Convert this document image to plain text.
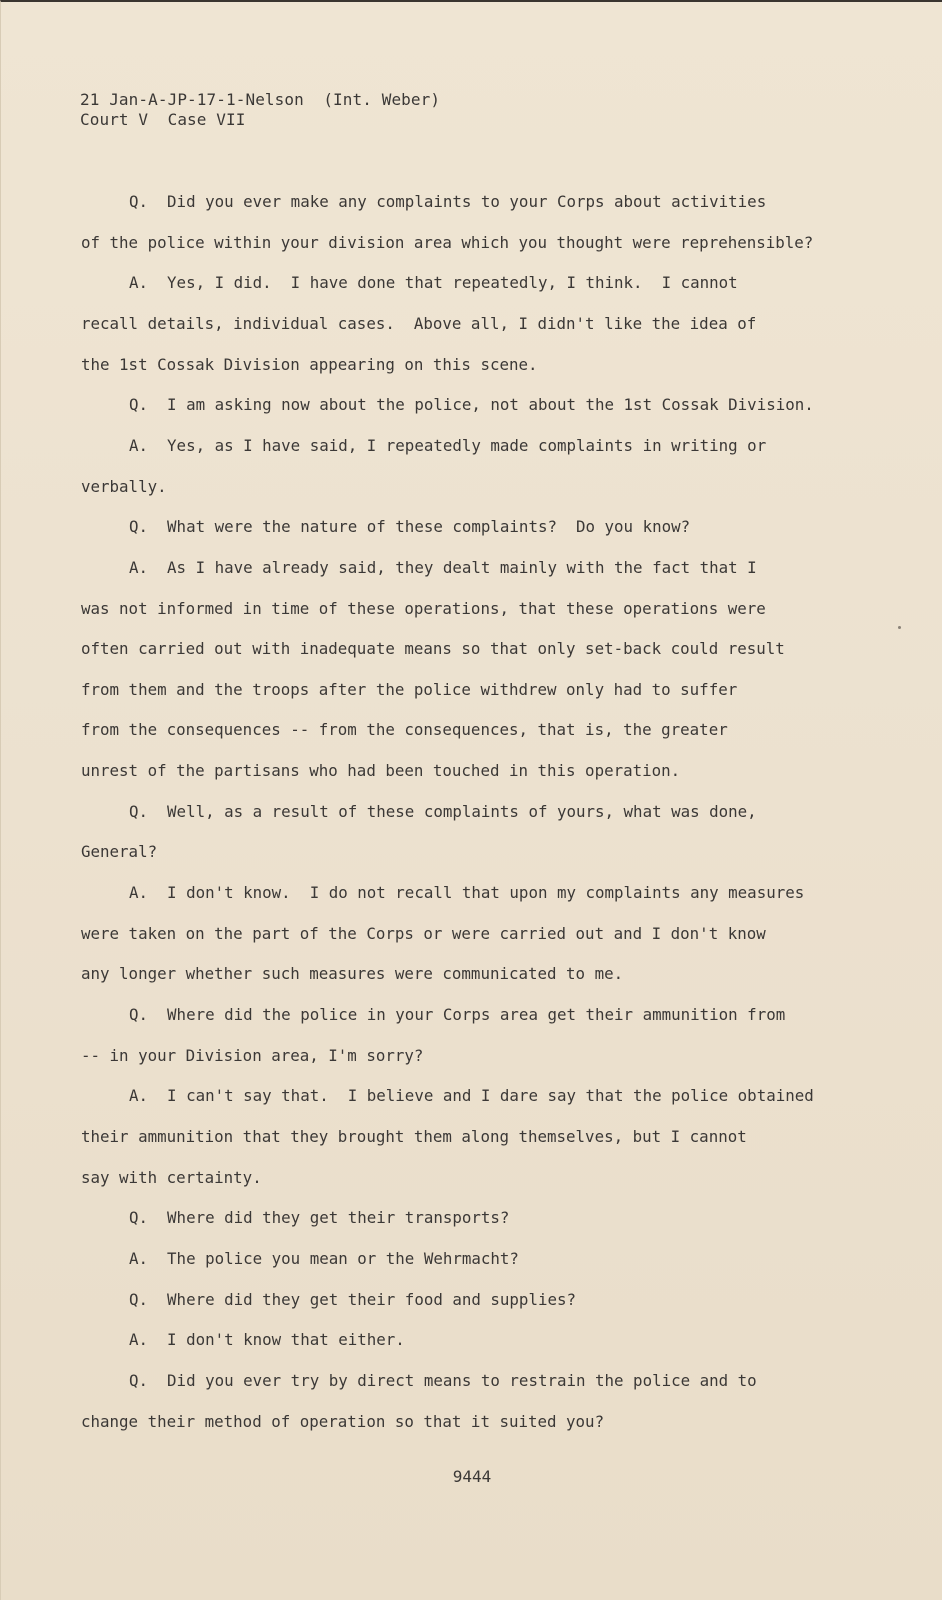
21 Jan-A-JP-17-1-Nelson  (Int. Weber)
Court V  Case VII
Q.  Did you ever make any complaints to your Corps about activities
of the police within your division area which you thought were reprehensible?
A.  Yes, I did.  I have done that repeatedly, I think.  I cannot
recall details, individual cases.  Above all, I didn't like the idea of
the 1st Cossak Division appearing on this scene.
Q.  I am asking now about the police, not about the 1st Cossak Division.
A.  Yes, as I have said, I repeatedly made complaints in writing or
verbally.
Q.  What were the nature of these complaints?  Do you know?
A.  As I have already said, they dealt mainly with the fact that I
was not informed in time of these operations, that these operations were
often carried out with inadequate means so that only set-back could result
from them and the troops after the police withdrew only had to suffer
from the consequences -- from the consequences, that is, the greater
unrest of the partisans who had been touched in this operation.
Q.  Well, as a result of these complaints of yours, what was done,
General?
A.  I don't know.  I do not recall that upon my complaints any measures
were taken on the part of the Corps or were carried out and I don't know
any longer whether such measures were communicated to me.
Q.  Where did the police in your Corps area get their ammunition from
-- in your Division area, I'm sorry?
A.  I can't say that.  I believe and I dare say that the police obtained
their ammunition that they brought them along themselves, but I cannot
say with certainty.
Q.  Where did they get their transports?
A.  The police you mean or the Wehrmacht?
Q.  Where did they get their food and supplies?
A.  I don't know that either.
Q.  Did you ever try by direct means to restrain the police and to
change their method of operation so that it suited you?
9444
